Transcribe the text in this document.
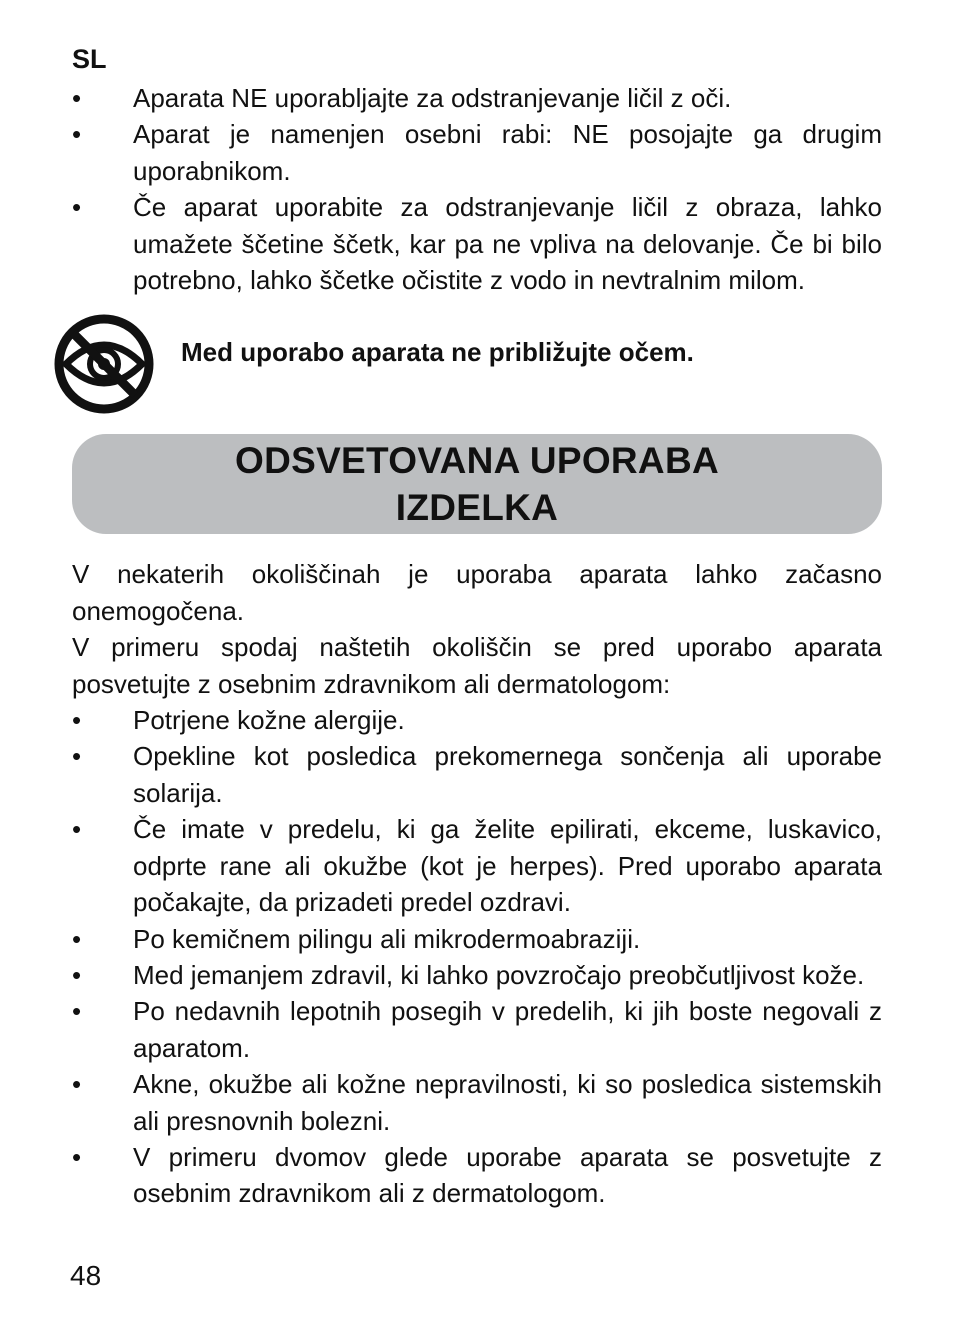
SL
•	Aparata NE uporabljajte za odstranjevanje ličil z oči.
•	Aparat je namenjen osebni rabi: NE posojajte ga drugim uporabnikom.
•	Če aparat uporabite za odstranjevanje ličil z obraza, lahko umažete ščetine ščetk, kar pa ne vpliva na delovanje. Če bi bilo potrebno, lahko ščetke očistite z vodo in nevtralnim milom.
Med uporabo aparata ne približujte očem.
ODSVETOVANA UPORABA
IZDELKA

V nekaterih okoliščinah je uporaba aparata lahko začasno onemogočena.

V primeru spodaj naštetih okoliščin se pred uporabo aparata posvetujte z osebnim zdravnikom ali dermatologom:

•	Potrjene kožne alergije.
•	Opekline kot posledica prekomernega sončenja ali uporabe solarija.
•	Če imate v predelu, ki ga želite epilirati, ekceme, luskavico, odprte rane ali okužbe (kot je herpes). Pred uporabo aparata počakajte, da prizadeti predel ozdravi.
•	Po kemičnem pilingu ali mikrodermoabraziji.
•	Med jemanjem zdravil, ki lahko povzročajo preobčutljivost kože.
•	Po nedavnih lepotnih posegih v predelih, ki jih boste negovali z aparatom.
•	Akne, okužbe ali kožne nepravilnosti, ki so posledica sistemskih ali presnovnih bolezni.
•	V primeru dvomov glede uporabe aparata se posvetujte z osebnim zdravnikom ali z dermatologom.
48
